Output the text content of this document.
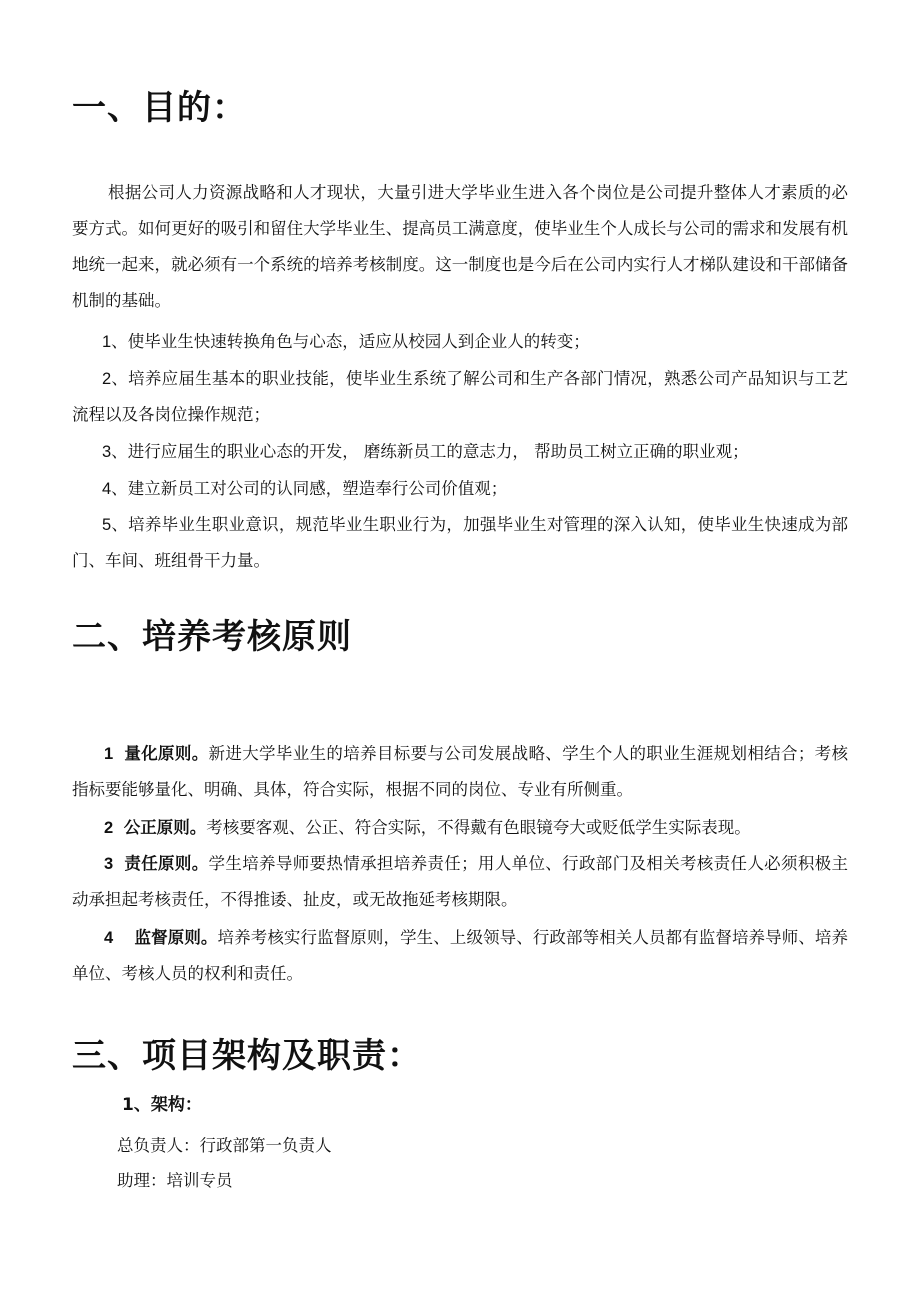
一、目的：

根据公司人力资源战略和人才现状，大量引进大学毕业生进入各个岗位是公司提升整体人才素质的必要方式。如何更好的吸引和留住大学毕业生、提高员工满意度，使毕业生个人成长与公司的需求和发展有机地统一起来，就必须有一个系统的培养考核制度。这一制度也是今后在公司内实行人才梯队建设和干部储备机制的基础。

1、使毕业生快速转换角色与心态，适应从校园人到企业人的转变；

2、培养应届生基本的职业技能，使毕业生系统了解公司和生产各部门情况，熟悉公司产品知识与工艺流程以及各岗位操作规范；

3、进行应届生的职业心态的开发， 磨练新员工的意志力， 帮助员工树立正确的职业观；

4、建立新员工对公司的认同感，塑造奉行公司价值观；

5、培养毕业生职业意识，规范毕业生职业行为，加强毕业生对管理的深入认知，使毕业生快速成为部门、车间、班组骨干力量。

二、培养考核原则

1 量化原则。新进大学毕业生的培养目标要与公司发展战略、学生个人的职业生涯规划相结合；考核指标要能够量化、明确、具体，符合实际，根据不同的岗位、专业有所侧重。

2 公正原则。考核要客观、公正、符合实际，不得戴有色眼镜夸大或贬低学生实际表现。

3 责任原则。学生培养导师要热情承担培养责任；用人单位、行政部门及相关考核责任人必须积极主动承担起考核责任，不得推诿、扯皮，或无故拖延考核期限。

4 监督原则。培养考核实行监督原则，学生、上级领导、行政部等相关人员都有监督培养导师、培养单位、考核人员的权利和责任。

三、项目架构及职责：
1、架构：

总负责人：行政部第一负责人

助理：培训专员
